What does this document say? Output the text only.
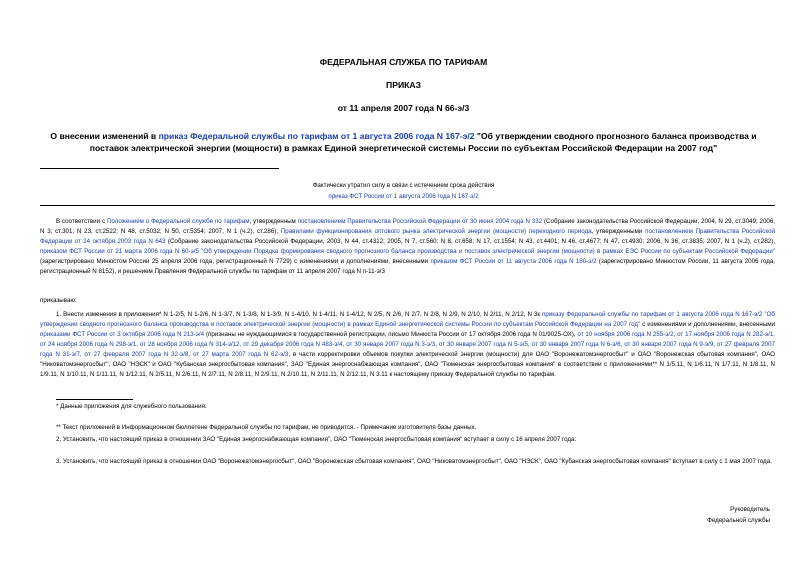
ФЕДЕРАЛЬНАЯ СЛУЖБА ПО ТАРИФАМ
ПРИКАЗ
от 11 апреля 2007 года N 66-э/3
О внесении изменений в приказ Федеральной службы по тарифам от 1 августа 2006 года N 167-э/2 "Об утверждении сводного прогнозного баланса производства и поставок электрической энергии (мощности) в рамках Единой энергетической системы России по субъектам Российской Федерации на 2007 год"
Фактически утратил силу в связи с истечением срока действия
приказ ФСТ России от 1 августа 2006 года N 167-э/2
В соответствии с Положением о Федеральной службе по тарифам, утвержденным постановлением Правительства Российской Федерации от 30 июня 2004 года N 332 (Собрание законодательства Российской Федерации, 2004, N 29, ст.3049; 2006, N 3, ст.301; N 23, ст.2522; N 48, ст.5032; N 50, ст.5354; 2007, N 1 (ч.2), ст.286), Правилами функционирования оптового рынка электрической энергии (мощности) переходного периода, утвержденными постановлением Правительства Российской Федерации от 24 октября 2003 года N 643 (Собрание законодательства Российской Федерации, 2003, N 44, ст.4312; 2005, N 7, ст.560; N 8, ст.658; N 17, ст.1554; N 43, ст.4401; N 46, ст.4677; N 47, ст.4930; 2006, N 36, ст.3835; 2007, N 1 (ч.2), ст.282), приказом ФСТ России от 21 марта 2006 года N 60-э/5 "Об утверждении Порядка формирования сводного прогнозного баланса производства и поставок электрической энергии (мощности) в рамках ЕЭС России по субъектам Российской Федерации" (зарегистрировано Минюстом России 25 апреля 2006 года, регистрационный N 7729) с изменениями и дополнениями, внесенными приказом ФСТ России от 11 августа 2006 года N 180-э/2 (зарегистрировано Минюстом России, 11 августа 2006 года, регистрационный N 8152), и решением Правления Федеральной службы по тарифам от 11 апреля 2007 года N п-11-э/3
приказываю:
1. Внести изменения в приложения* N 1-2/5, N 1-2/6, N 1-3/7, N 1-3/8, N 1-3/9, N 1-4/10, N 1-4/11, N 1-4/12, N 2/5, N 2/6, N 2/7, N 2/8, N 2/9, N 2/10, N 2/11, N 2/12, N 3к приказу Федеральной службы по тарифам от 1 августа 2006 года N 167-э/2 "Об утверждении сводного прогнозного баланса производства и поставок электрической энергии (мощности) в рамках Единой энергетической системы России по субъектам Российской Федерации на 2007 год" с изменениями и дополнениями, внесенными приказами ФСТ России от 3 октября 2006 года N 213-э/4 (признаны не нуждающимися в государственной регистрации, письмо Минюста России от 17 октября 2006 года N 01/9025-ОХ), от 10 ноября 2006 года N 255-э/2, от 17 ноября 2006 года N 282-э/1, от 24 ноября 2006 года N 298-э/1, от 28 ноября 2006 года N 314-э/12, от 29 декабря 2006 года N 483-э/4, от 30 января 2007 года N 3-э/3, от 30 января 2007 года N 5-э/5, от 30 января 2007 года N 6-э/6, от 30 января 2007 года N 9-э/9, от 27 февраля 2007 года N 31-э/7, от 27 февраля 2007 года N 32-э/8, от 27 марта 2007 года N 62-э/3, в части корректировки объемов покупки электрической энергии (мощности) для ОАО "Воронежатомэнергосбыт" и ОАО "Воронежская сбытовая компания", ОАО "Никоватомэнергосбыт", ОАО "НЭСК" и ОАО "Кубанская энергосбытовая компания", ЗАО "Единая энергоснабжающая компания", ОАО "Тюменская энергосбытовая компания" в соответствии с приложениями** N 1/5.11, N 1/6.11, N 1/7.11, N 1/8.11, N 1/9.11, N 1/10.11, N 1/11.11, N 1/12.11, N 2/5.11, N 2/6.11, N 2/7.11, N 2/8.11, N 2/9.11, N 2/10.11, N 2/11.11, N 2/12.11, N 3.11 к настоящему приказу Федеральной службы по тарифам.
* Данные приложения для служебного пользования.
** Текст приложений в Информационном бюллетене Федеральной службы по тарифам, не приводится. - Примечание изготовителя базы данных.
2. Установить, что настоящий приказ в отношении ЗАО "Единая энергоснабжающая компания", ОАО "Тюменская энергосбытовая компания" вступает в силу с 16 апреля 2007 года.
3. Установить, что настоящий приказ в отношении ОАО "Воронежатомэнергосбыт", ОАО "Воронежская сбытовая компания", ОАО "Никоватомэнергосбыт", ОАО "НЭСК", ОАО "Кубанская энергосбытовая компания" вступает в силу с 1 мая 2007 года.
Руководитель
Федеральной службы
